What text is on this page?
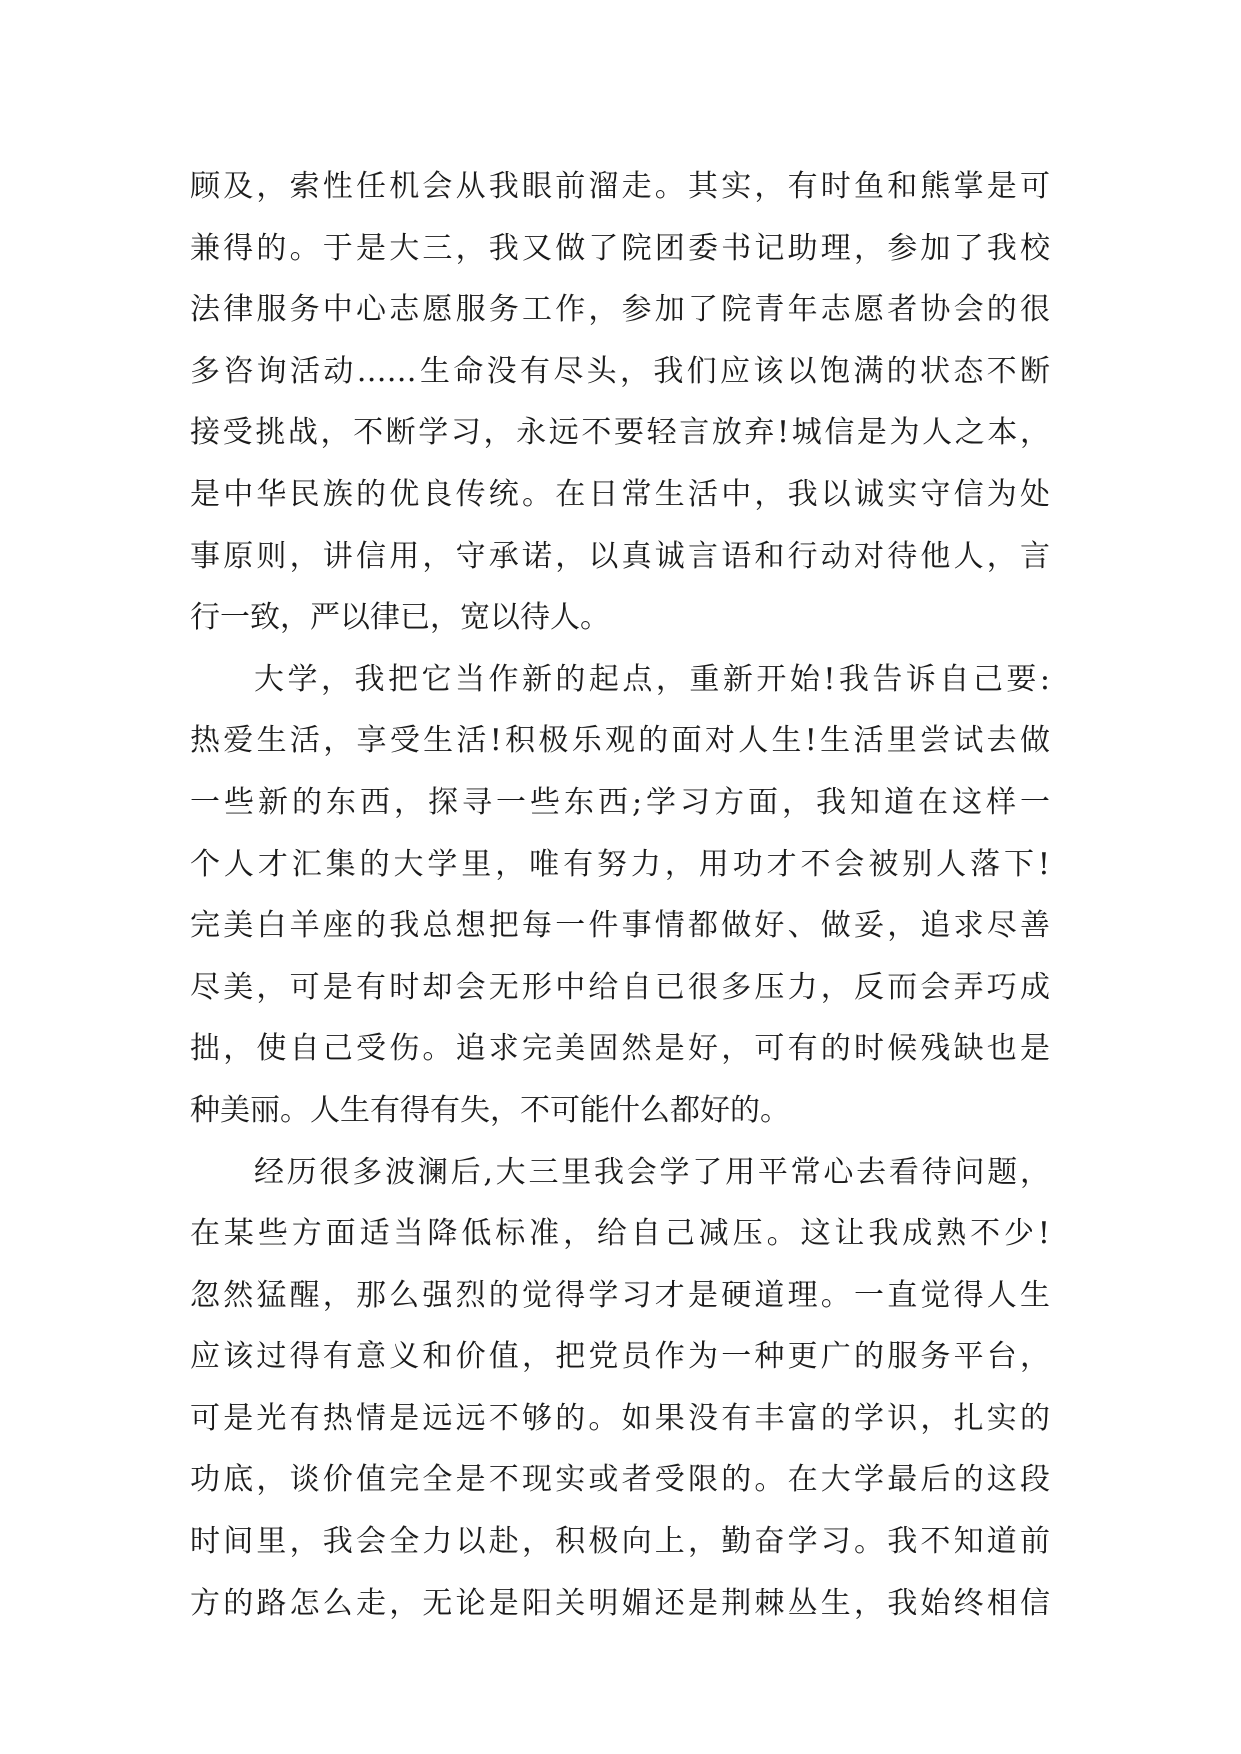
顾及，索性任机会从我眼前溜走。其实，有时鱼和熊掌是可
兼得的。于是大三，我又做了院团委书记助理，参加了我校
法律服务中心志愿服务工作，参加了院青年志愿者协会的很
多咨询活动……生命没有尽头，我们应该以饱满的状态不断
接受挑战，不断学习，永远不要轻言放弃!城信是为人之本，
是中华民族的优良传统。在日常生活中，我以诚实守信为处
事原则，讲信用，守承诺，以真诚言语和行动对待他人，言
行一致，严以律已，宽以待人。
大学，我把它当作新的起点，重新开始!我告诉自己要:
热爱生活，享受生活!积极乐观的面对人生!生活里尝试去做
一些新的东西，探寻一些东西;学习方面，我知道在这样一
个人才汇集的大学里，唯有努力，用功才不会被别人落下!
完美白羊座的我总想把每一件事情都做好、做妥，追求尽善
尽美，可是有时却会无形中给自已很多压力，反而会弄巧成
拙，使自己受伤。追求完美固然是好，可有的时候残缺也是
种美丽。人生有得有失，不可能什么都好的。
经历很多波澜后,大三里我会学了用平常心去看待问题，
在某些方面适当降低标准，给自己减压。这让我成熟不少!
忽然猛醒，那么强烈的觉得学习才是硬道理。一直觉得人生
应该过得有意义和价值，把党员作为一种更广的服务平台，
可是光有热情是远远不够的。如果没有丰富的学识，扎实的
功底，谈价值完全是不现实或者受限的。在大学最后的这段
时间里，我会全力以赴，积极向上，勤奋学习。我不知道前
方的路怎么走，无论是阳关明媚还是荆棘丛生，我始终相信
